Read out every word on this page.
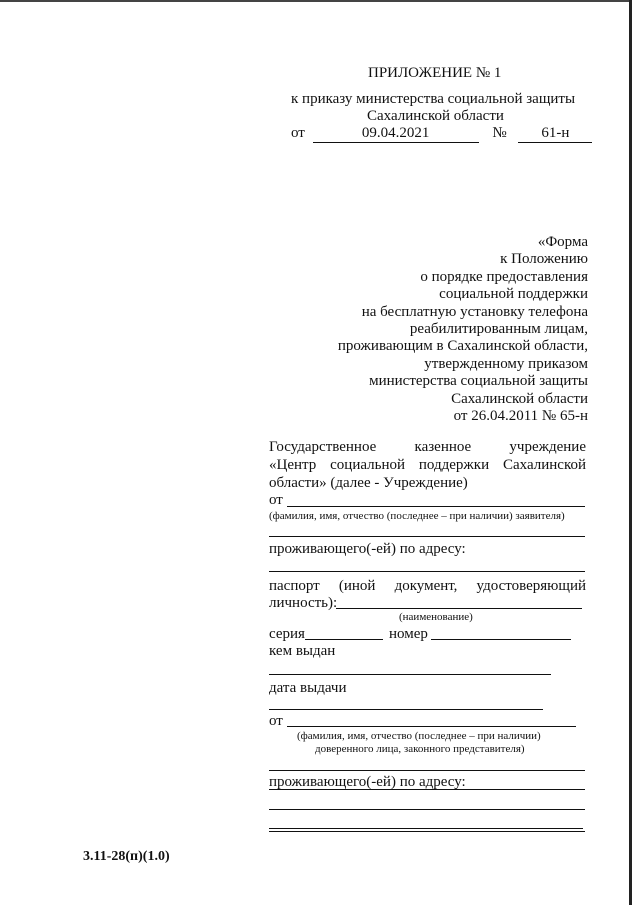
ПРИЛОЖЕНИЕ № 1
к приказу министерства социальной защиты
Сахалинской области
от	09.04.2021	№ 61-н
«Форма
к Положению
о порядке предоставления
социальной поддержки
на бесплатную установку телефона
реабилитированным лицам,
проживающим в Сахалинской области,
утвержденному приказом
министерства социальной защиты
Сахалинской области
от 26.04.2011 № 65-н
Государственное казенное учреждение
«Центр социальной поддержки Сахалинской
области» (далее - Учреждение)
от
(фамилия, имя, отчество (последнее – при наличии) заявителя)
проживающего(-ей) по адресу:
паспорт (иной документ, удостоверяющий
личность):
(наименование)
серия	номер
кем выдан
дата выдачи
от
(фамилия, имя, отчество (последнее – при наличии)
доверенного лица, законного представителя)
проживающего(-ей) по адресу:
3.11-28(п)(1.0)
